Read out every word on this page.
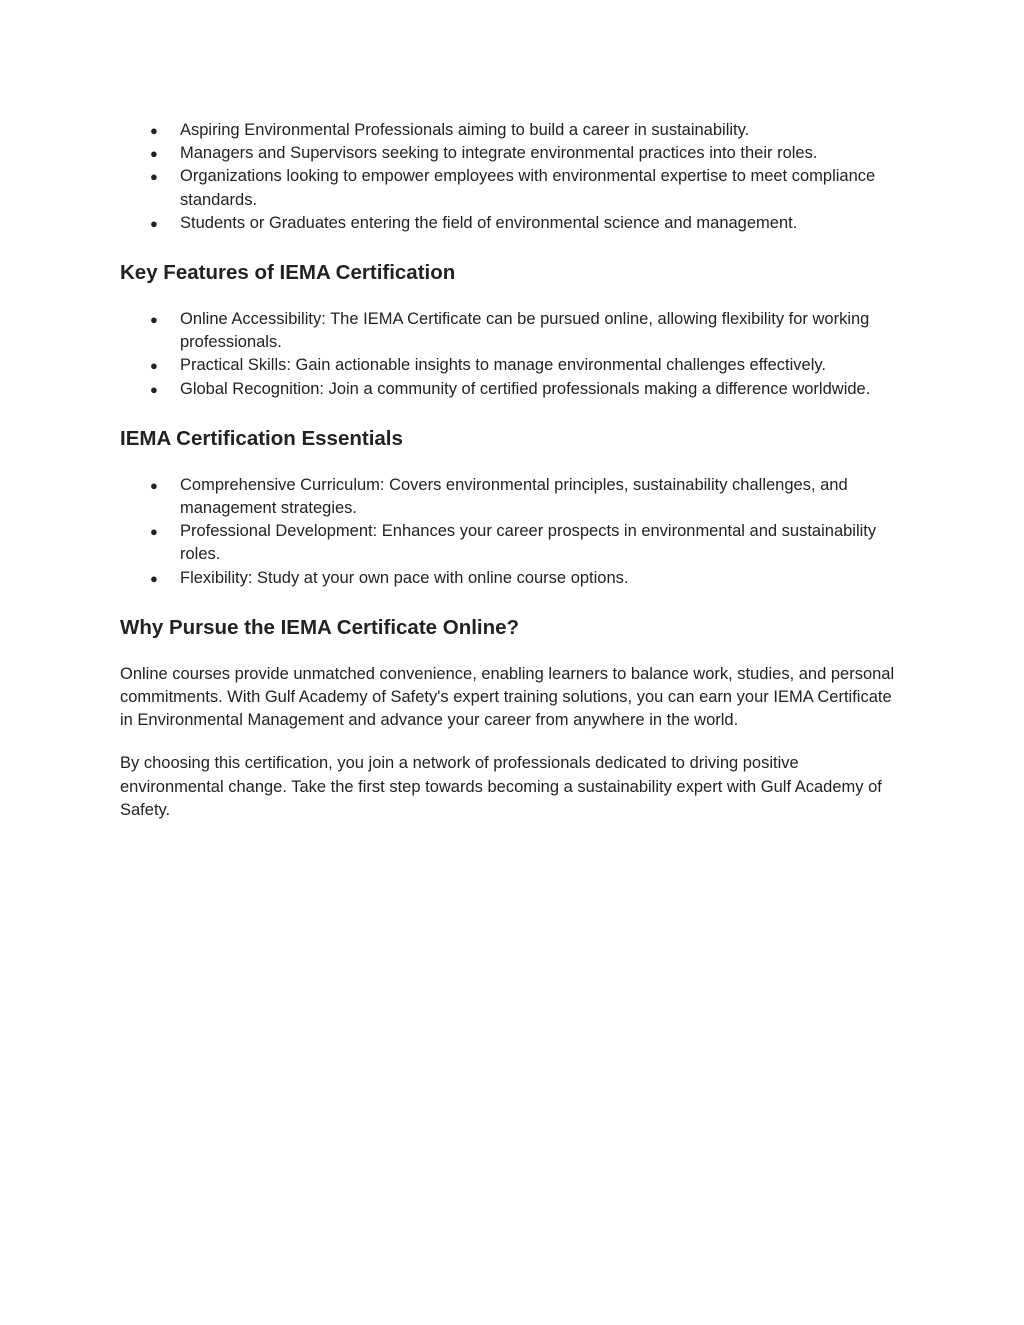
● Aspiring Environmental Professionals aiming to build a career in sustainability.
● Managers and Supervisors seeking to integrate environmental practices into their roles.
● Organizations looking to empower employees with environmental expertise to meet compliance standards.
● Students or Graduates entering the field of environmental science and management.
Key Features of IEMA Certification
● Online Accessibility: The IEMA Certificate can be pursued online, allowing flexibility for working professionals.
● Practical Skills: Gain actionable insights to manage environmental challenges effectively.
● Global Recognition: Join a community of certified professionals making a difference worldwide.
IEMA Certification Essentials
● Comprehensive Curriculum: Covers environmental principles, sustainability challenges, and management strategies.
● Professional Development: Enhances your career prospects in environmental and sustainability roles.
● Flexibility: Study at your own pace with online course options.
Why Pursue the IEMA Certificate Online?

Online courses provide unmatched convenience, enabling learners to balance work, studies, and personal commitments. With Gulf Academy of Safety's expert training solutions, you can earn your IEMA Certificate in Environmental Management and advance your career from anywhere in the world.

By choosing this certification, you join a network of professionals dedicated to driving positive environmental change. Take the first step towards becoming a sustainability expert with Gulf Academy of Safety.
